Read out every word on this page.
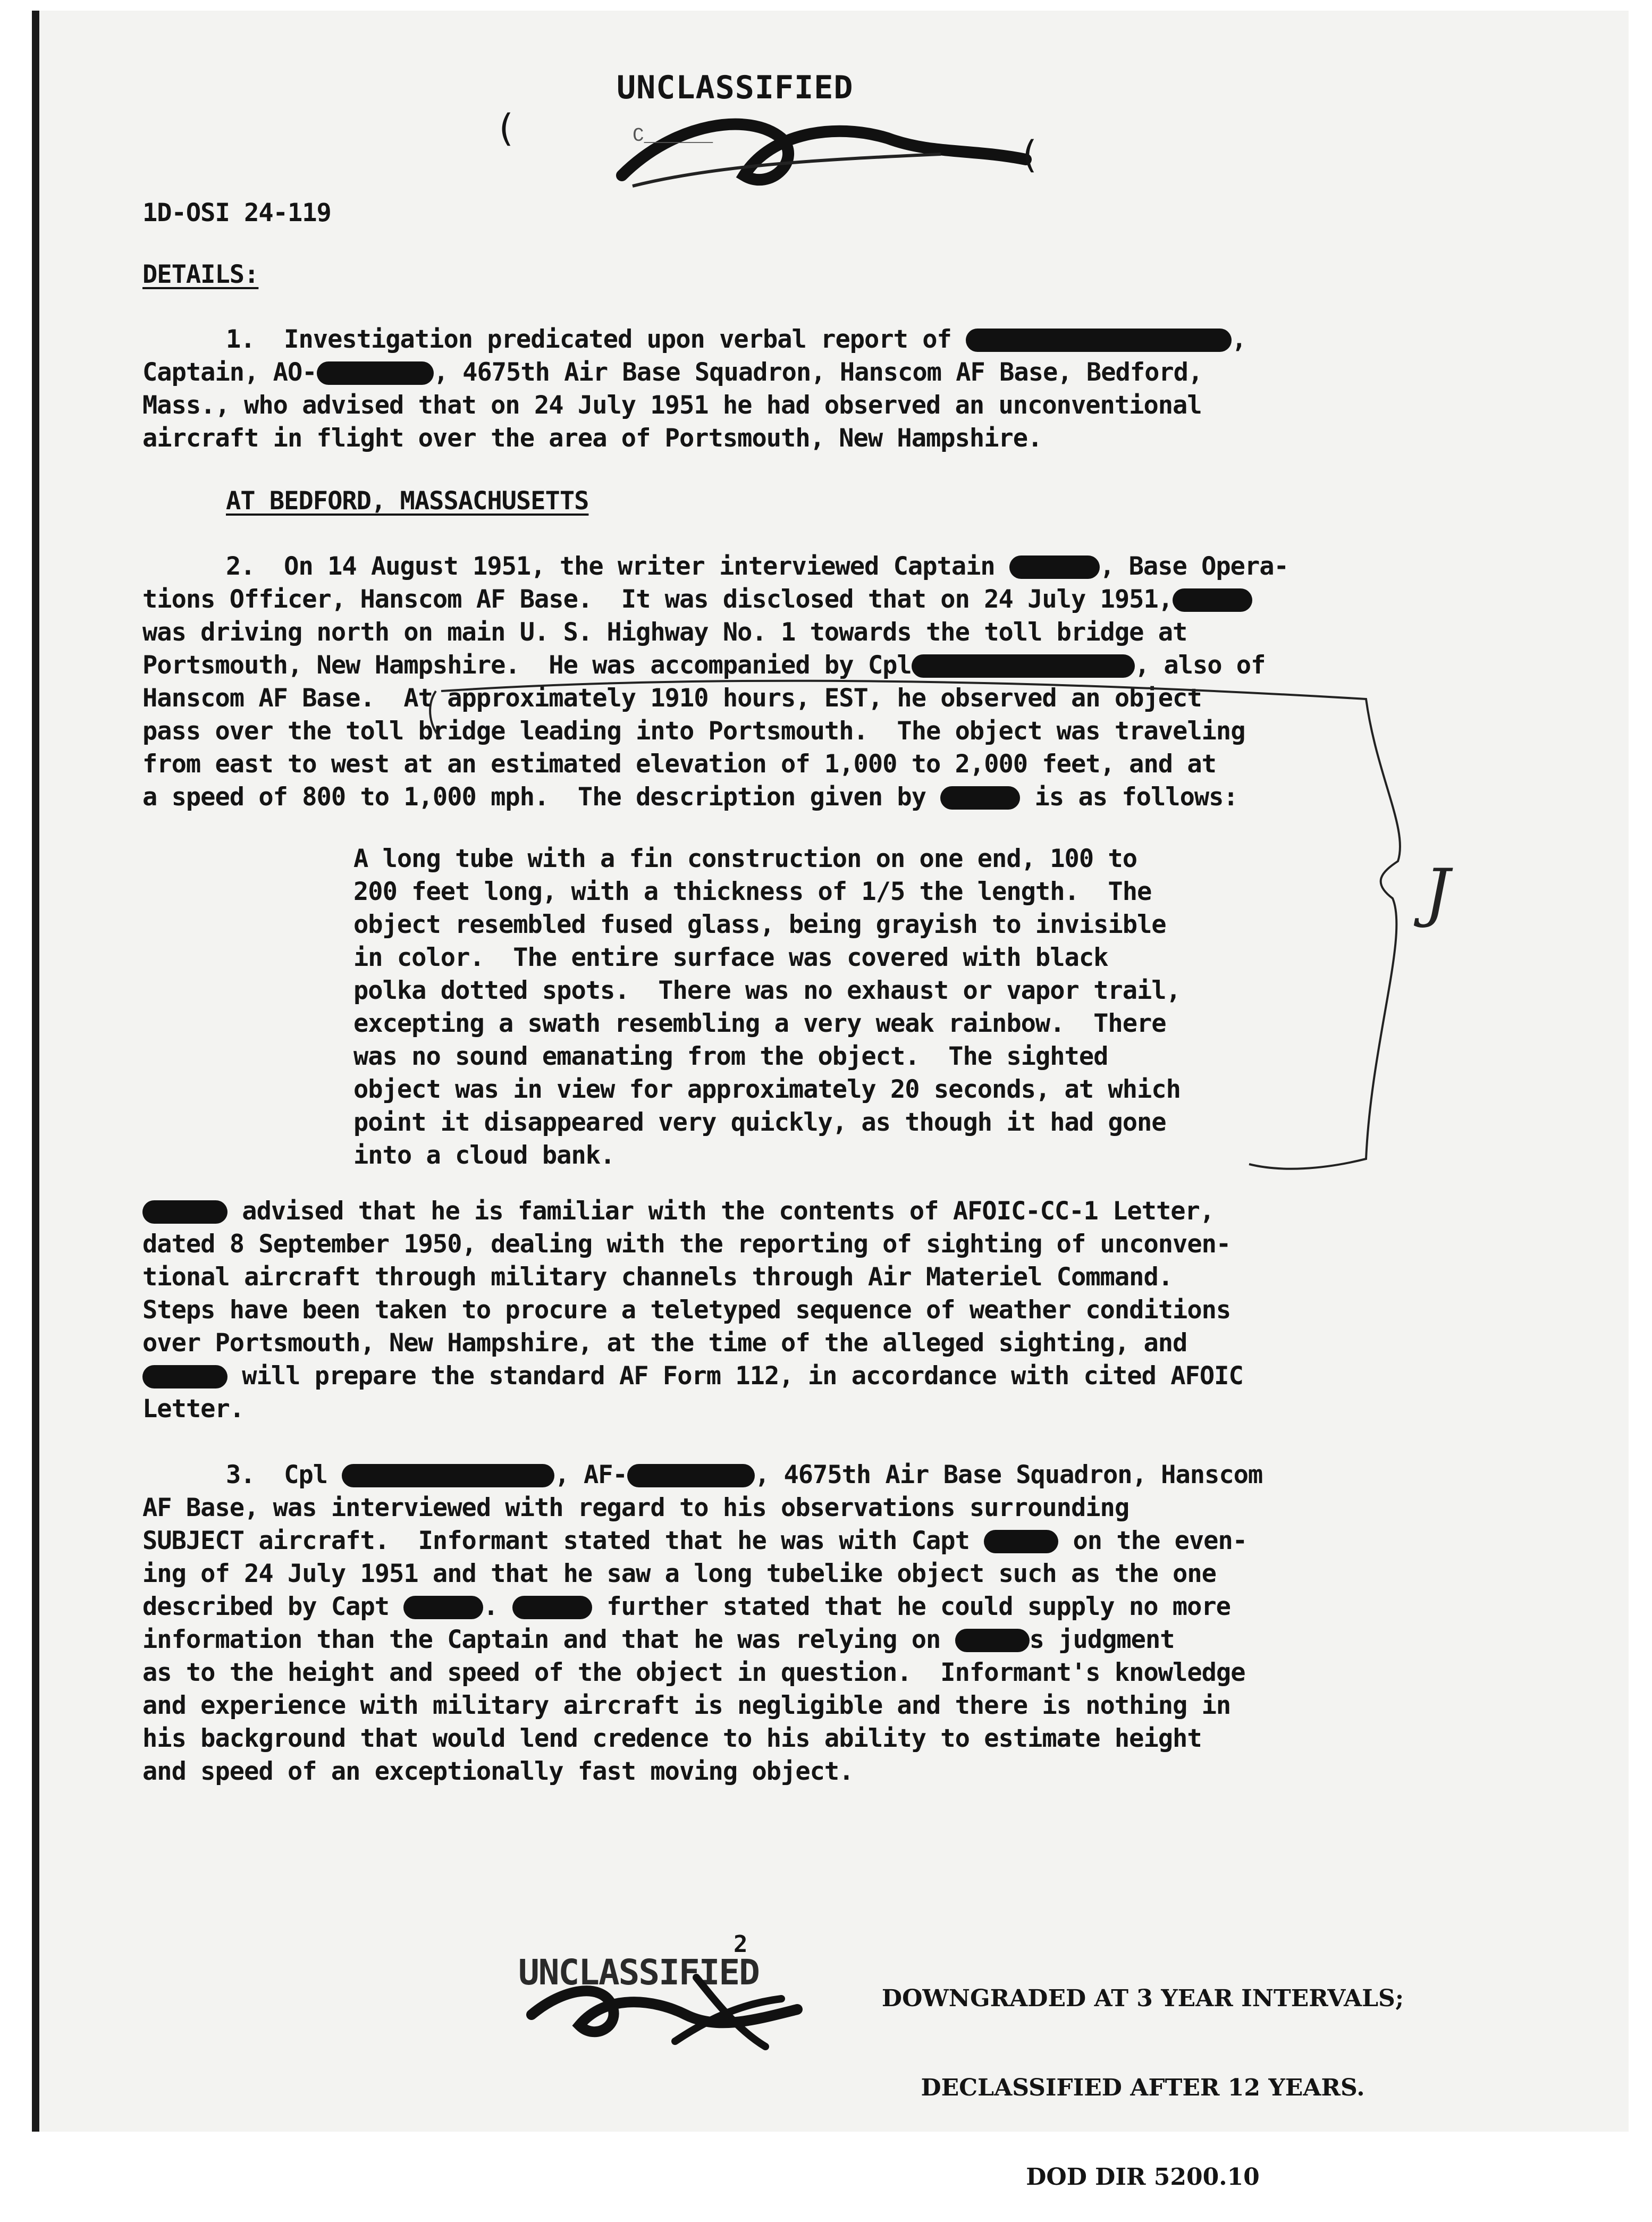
UNCLASSIFIED
C______
(
(
1D-OSI 24-119
DETAILS:
1.  Investigation predicated upon verbal report of	,
Captain, AO-	, 4675th Air Base Squadron, Hanscom AF Base, Bedford,
Mass., who advised that on 24 July 1951 he had observed an unconventional
aircraft in flight over the area of Portsmouth, New Hampshire.
AT BEDFORD, MASSACHUSETTS
2.  On 14 August 1951, the writer interviewed Captain	, Base Opera-
tions Officer, Hanscom AF Base.  It was disclosed that on 24 July 1951,
was driving north on main U. S. Highway No. 1 towards the toll bridge at
Portsmouth, New Hampshire.  He was accompanied by Cpl	, also of
Hanscom AF Base.  At approximately 1910 hours, EST, he observed an object
pass over the toll bridge leading into Portsmouth.  The object was traveling
from east to west at an estimated elevation of 1,000 to 2,000 feet, and at
a speed of 800 to 1,000 mph.  The description given by	is as follows:
J
A long tube with a fin construction on one end, 100 to
200 feet long, with a thickness of 1/5 the length.  The
object resembled fused glass, being grayish to invisible
in color.  The entire surface was covered with black
polka dotted spots.  There was no exhaust or vapor trail,
excepting a swath resembling a very weak rainbow.  There
was no sound emanating from the object.  The sighted
object was in view for approximately 20 seconds, at which
point it disappeared very quickly, as though it had gone
into a cloud bank.
advised that he is familiar with the contents of AFOIC-CC-1 Letter,
dated 8 September 1950, dealing with the reporting of sighting of unconven-
tional aircraft through military channels through Air Materiel Command.
Steps have been taken to procure a teletyped sequence of weather conditions
over Portsmouth, New Hampshire, at the time of the alleged sighting, and
will prepare the standard AF Form 112, in accordance with cited AFOIC
Letter.
3.  Cpl	, AF-	, 4675th Air Base Squadron, Hanscom
AF Base, was interviewed with regard to his observations surrounding
SUBJECT aircraft.  Informant stated that he was with Capt	on the even-
ing of 24 July 1951 and that he saw a long tubelike object such as the one
described by Capt	.	further stated that he could supply no more
information than the Captain and that he was relying on	s judgment
as to the height and speed of the object in question.  Informant's knowledge
and experience with military aircraft is negligible and there is nothing in
his background that would lend credence to his ability to estimate height
and speed of an exceptionally fast moving object.
2
UNCLASSIFIED

DOWNGRADED AT 3 YEAR INTERVALS;

DECLASSIFIED AFTER 12 YEARS.

DOD DIR 5200.10
